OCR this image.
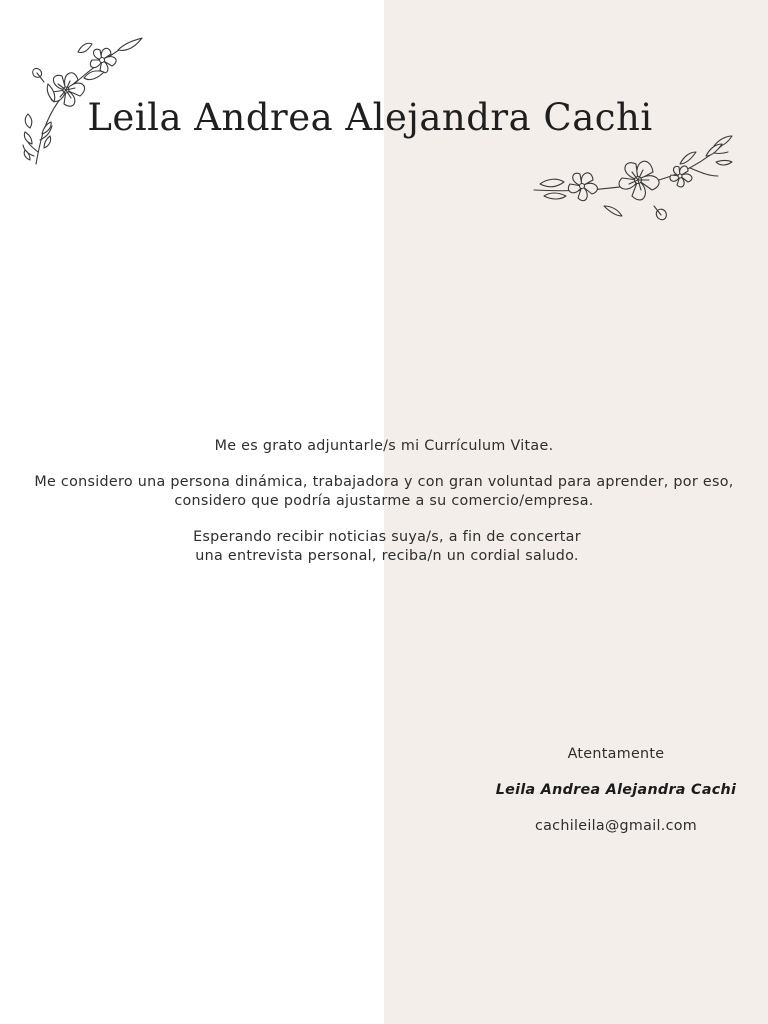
Leila Andrea Alejandra Cachi

Me es grato adjuntarle/s mi Currículum Vitae.

Me considero una persona dinámica, trabajadora y con gran voluntad para aprender, por eso, considero que podría ajustarme a su comercio/empresa.

Esperando recibir noticias suya/s, a fin de concertar una entrevista personal, reciba/n un cordial saludo.

Atentamente

Leila Andrea Alejandra Cachi

cachileila@gmail.com
